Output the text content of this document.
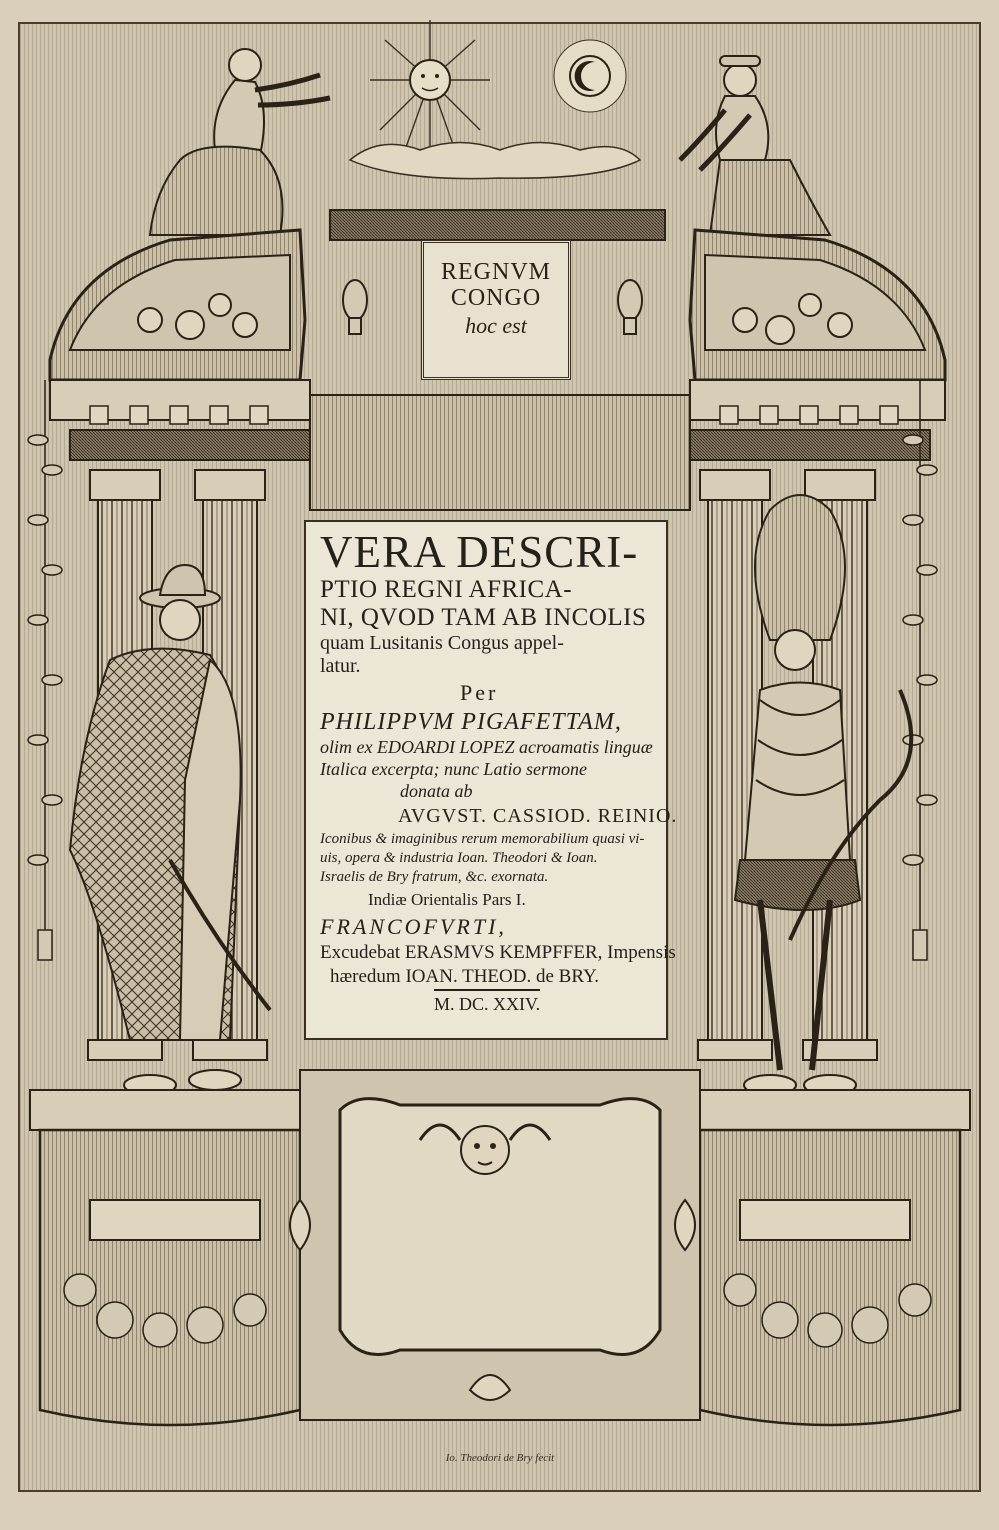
REGNVM
CONGO
hoc est
VERA DESCRI-
PTIO REGNI AFRICA-
NI, QVOD TAM AB INCOLIS
quam Lusitanis Congus appel-
latur.
Per
PHILIPPVM PIGAFETTAM,
olim ex EDOARDI LOPEZ acroamatis linguæ
Italica excerpta; nunc Latio sermone
donata ab
AVGVST. CASSIOD. REINIO.
Iconibus & imaginibus rerum memorabilium quasi vi-
uis, opera & industria Ioan. Theodori & Ioan.
Israelis de Bry fratrum, &c. exornata.
Indiæ Orientalis Pars I.
FRANCOFVRTI,
Excudebat ERASMVS KEMPFFER, Impensis
hæredum IOAN. THEOD. de BRY.
M. DC. XXIV.
Io. Theodori de Bry fecit
